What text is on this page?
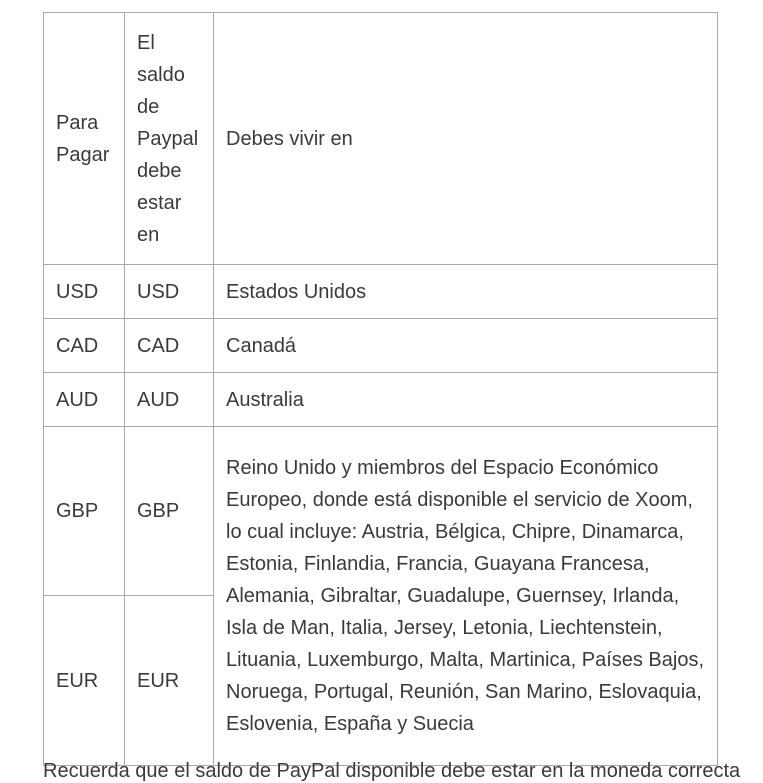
Para Pagar	El saldo de Paypal debe estar en	Debes vivir en
USD	USD	Estados Unidos
CAD	CAD	Canadá
AUD	AUD	Australia
GBP	GBP	Reino Unido y miembros del Espacio Económico Europeo, donde está disponible el servicio de Xoom, lo cual incluye: Austria, Bélgica, Chipre, Dinamarca, Estonia, Finlandia, Francia, Guayana Francesa, Alemania, Gibraltar, Guadalupe, Guernsey, Irlanda, Isla de Man, Italia, Jersey, Letonia, Liechtenstein, Lituania, Luxemburgo, Malta, Martinica, Países Bajos, Noruega, Portugal, Reunión, San Marino, Eslovaquia, Eslovenia, España y Suecia
EUR	EUR	
Recuerda que el saldo de PayPal disponible debe estar en la moneda correcta
